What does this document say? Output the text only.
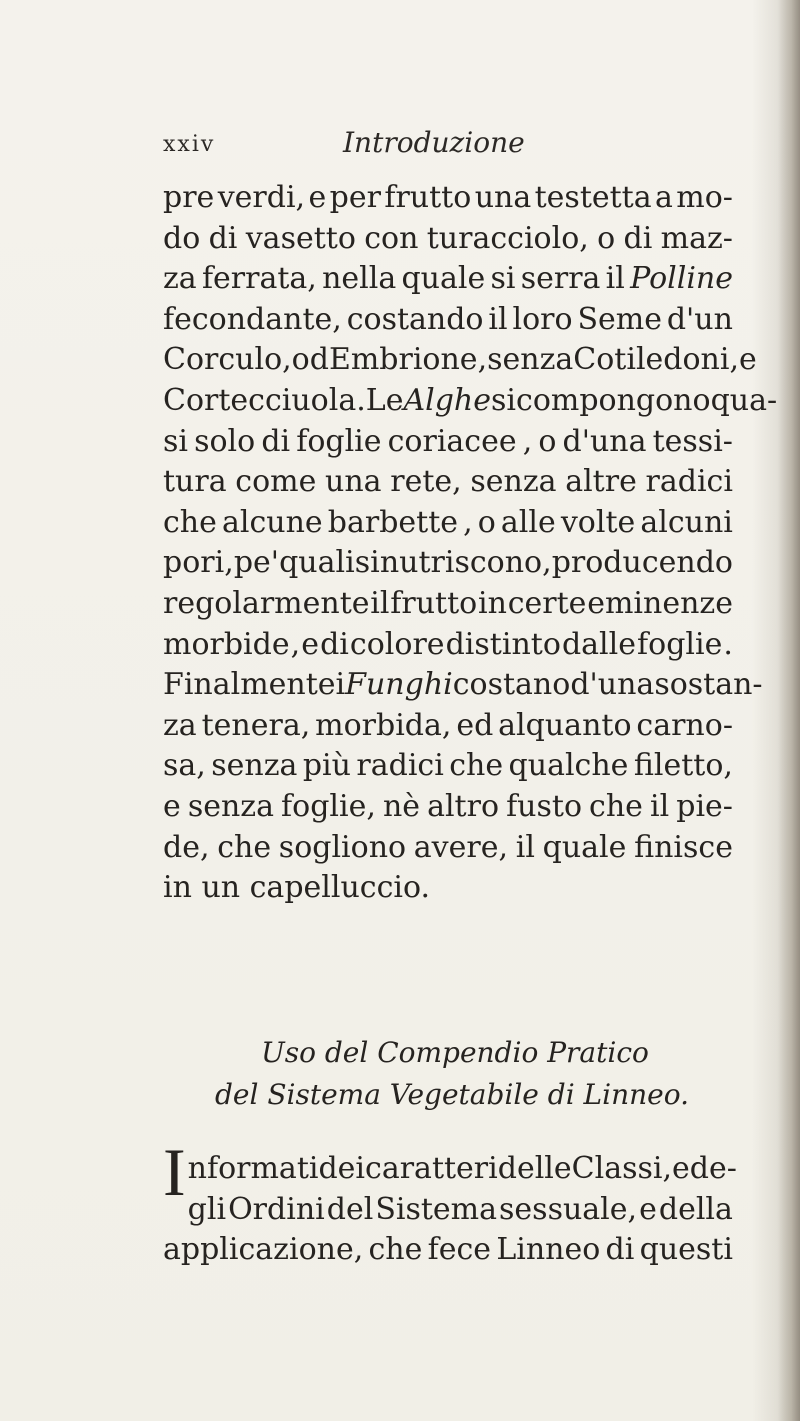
xxiv	Introduzione
pre verdi, e per frutto una testetta a mo-
do di vasetto con turacciolo, o di maz-
za ferrata, nella quale si serra il Polline
fecondante, costando il loro Seme d'un
Corculo, od Embrione , senza Cotiledoni , e
Cortecciuola . Le Alghe si compongono qua-
si solo di foglie coriacee , o d'una tessi-
tura come una rete, senza altre radici
che alcune barbette , o alle volte alcuni
pori, pe' quali si nutriscono, producendo
regolarmente il frutto in certe eminenze
morbide , e di colore distinto dalle foglie .
Finalmente i Funghi costano d'una sostan-
za tenera, morbida, ed alquanto carno-
sa, senza più radici che qualche filetto,
e senza foglie, nè altro fusto che il pie-
de, che sogliono avere, il quale finisce
in un capelluccio.
Uso del Compendio Pratico
del Sistema Vegetabile di Linneo.
I nformati dei caratteri delle Classi, e de-
gli Ordini del Sistema sessuale, e della
applicazione, che fece Linneo di questi
